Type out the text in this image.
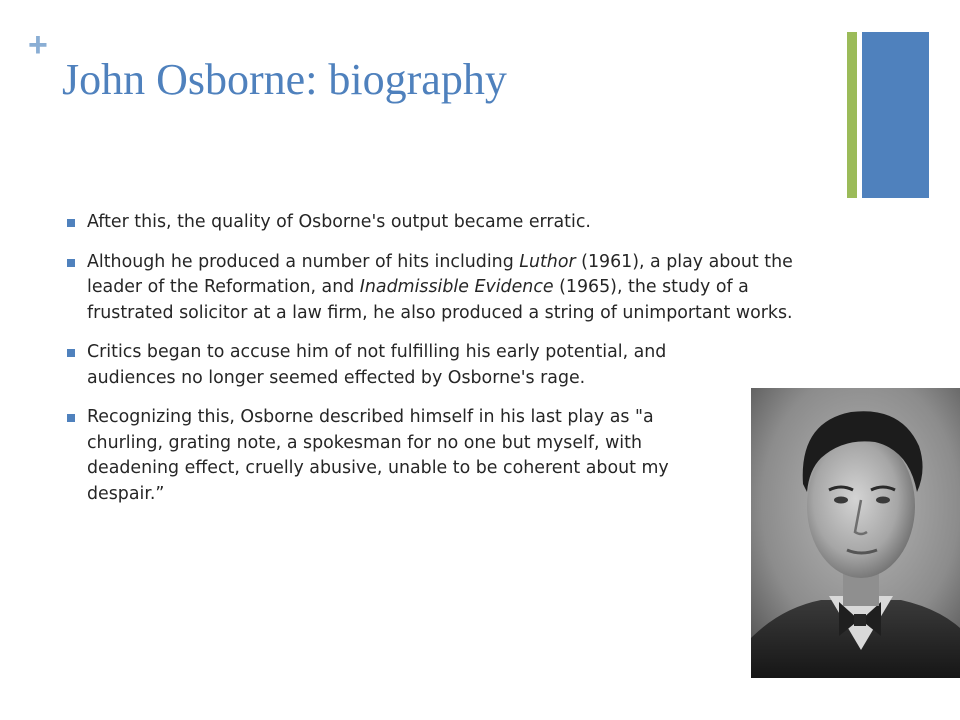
+
John Osborne: biography
After this, the quality of Osborne's output became erratic.
Although he produced a number of hits including Luthor (1961), a play about the leader of the Reformation, and Inadmissible Evidence (1965), the study of a frustrated solicitor at a law firm, he also produced a string of unimportant works.
Critics began to accuse him of not fulfilling his early potential, and audiences no longer seemed effected by Osborne's rage.
Recognizing this, Osborne described himself in his last play as "a churling, grating note, a spokesman for no one but myself, with deadening effect, cruelly abusive, unable to be coherent about my despair.”
